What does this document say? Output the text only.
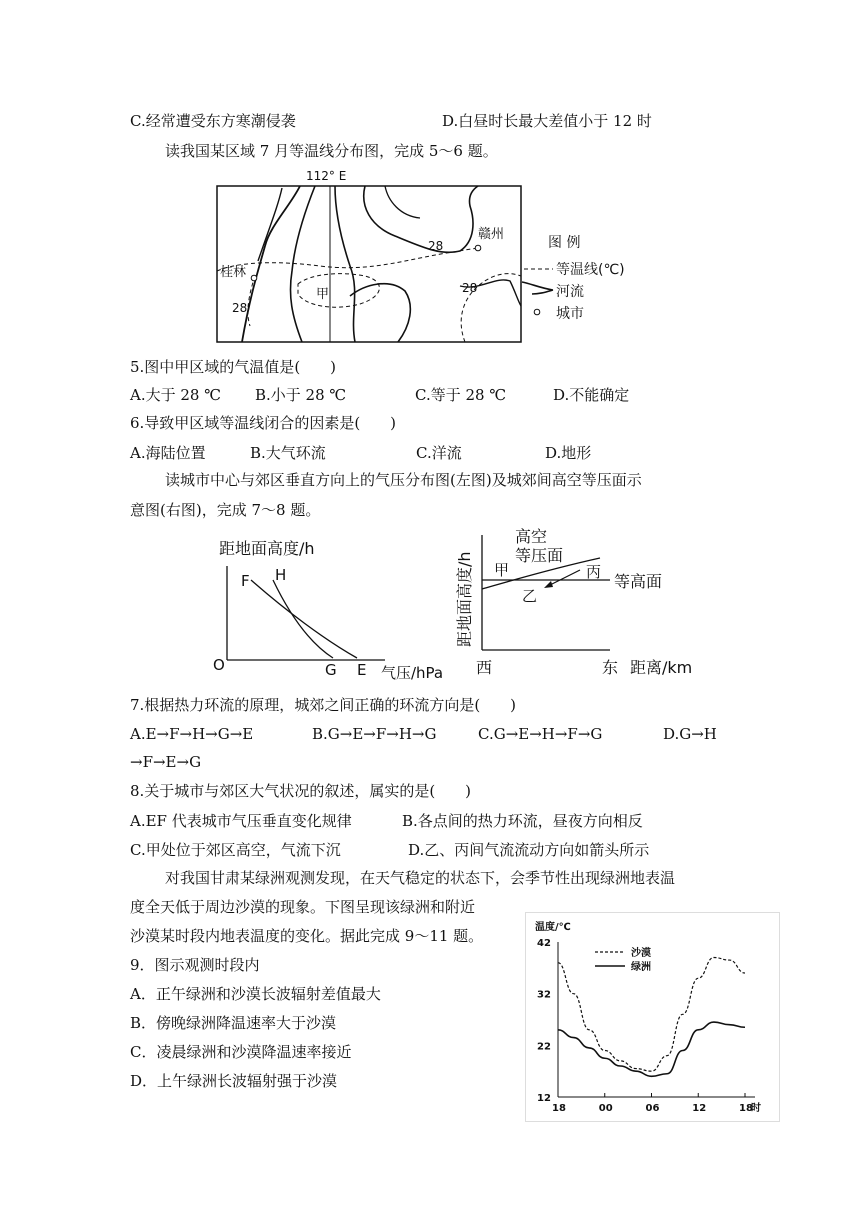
C.经常遭受东方寒潮侵袭	D.白昼时长最大差值小于 12 时
读我国某区域 7 月等温线分布图，完成 5～6 题。
112° E
桂林
赣州
甲
28
28
28
图 例
等温线(℃)
河流
城市
5.图中甲区域的气温值是(　　)
A.大于 28 ℃ B.小于 28 ℃	C.等于 28 ℃	D.不能确定
6.导致甲区域等温线闭合的因素是(　　)
A.海陆位置	B.大气环流	C.洋流	D.地形
读城市中心与郊区垂直方向上的气压分布图(左图)及城郊间高空等压面示
意图(右图)，完成 7～8 题。
距地面高度/h
气压/hPa
O
F H
G E
距地面高度/h
高空
等压面
甲
乙
丙 等高面
西	东 距离/km
7.根据热力环流的原理，城郊之间正确的环流方向是(　　)
A.E→F→H→G→E	B.G→E→F→H→G	C.G→E→H→F→G	D.G→H
→F→E→G
8.关于城市与郊区大气状况的叙述，属实的是(　　)
A.EF 代表城市气压垂直变化规律	B.各点间的热力环流，昼夜方向相反
C.甲处位于郊区高空，气流下沉	D.乙、丙间气流流动方向如箭头所示
对我国甘肃某绿洲观测发现，在天气稳定的状态下，会季节性出现绿洲地表温
度全天低于周边沙漠的现象。下图呈现该绿洲和附近
沙漠某时段内地表温度的变化。据此完成 9～11 题。
9．图示观测时段内
A．正午绿洲和沙漠长波辐射差值最大
B．傍晚绿洲降温速率大于沙漠
C．凌晨绿洲和沙漠降温速率接近
D．上午绿洲长波辐射强于沙漠
温度/℃
沙漠
绿洲
12
22
32
42
18	00	06	12	18
时
